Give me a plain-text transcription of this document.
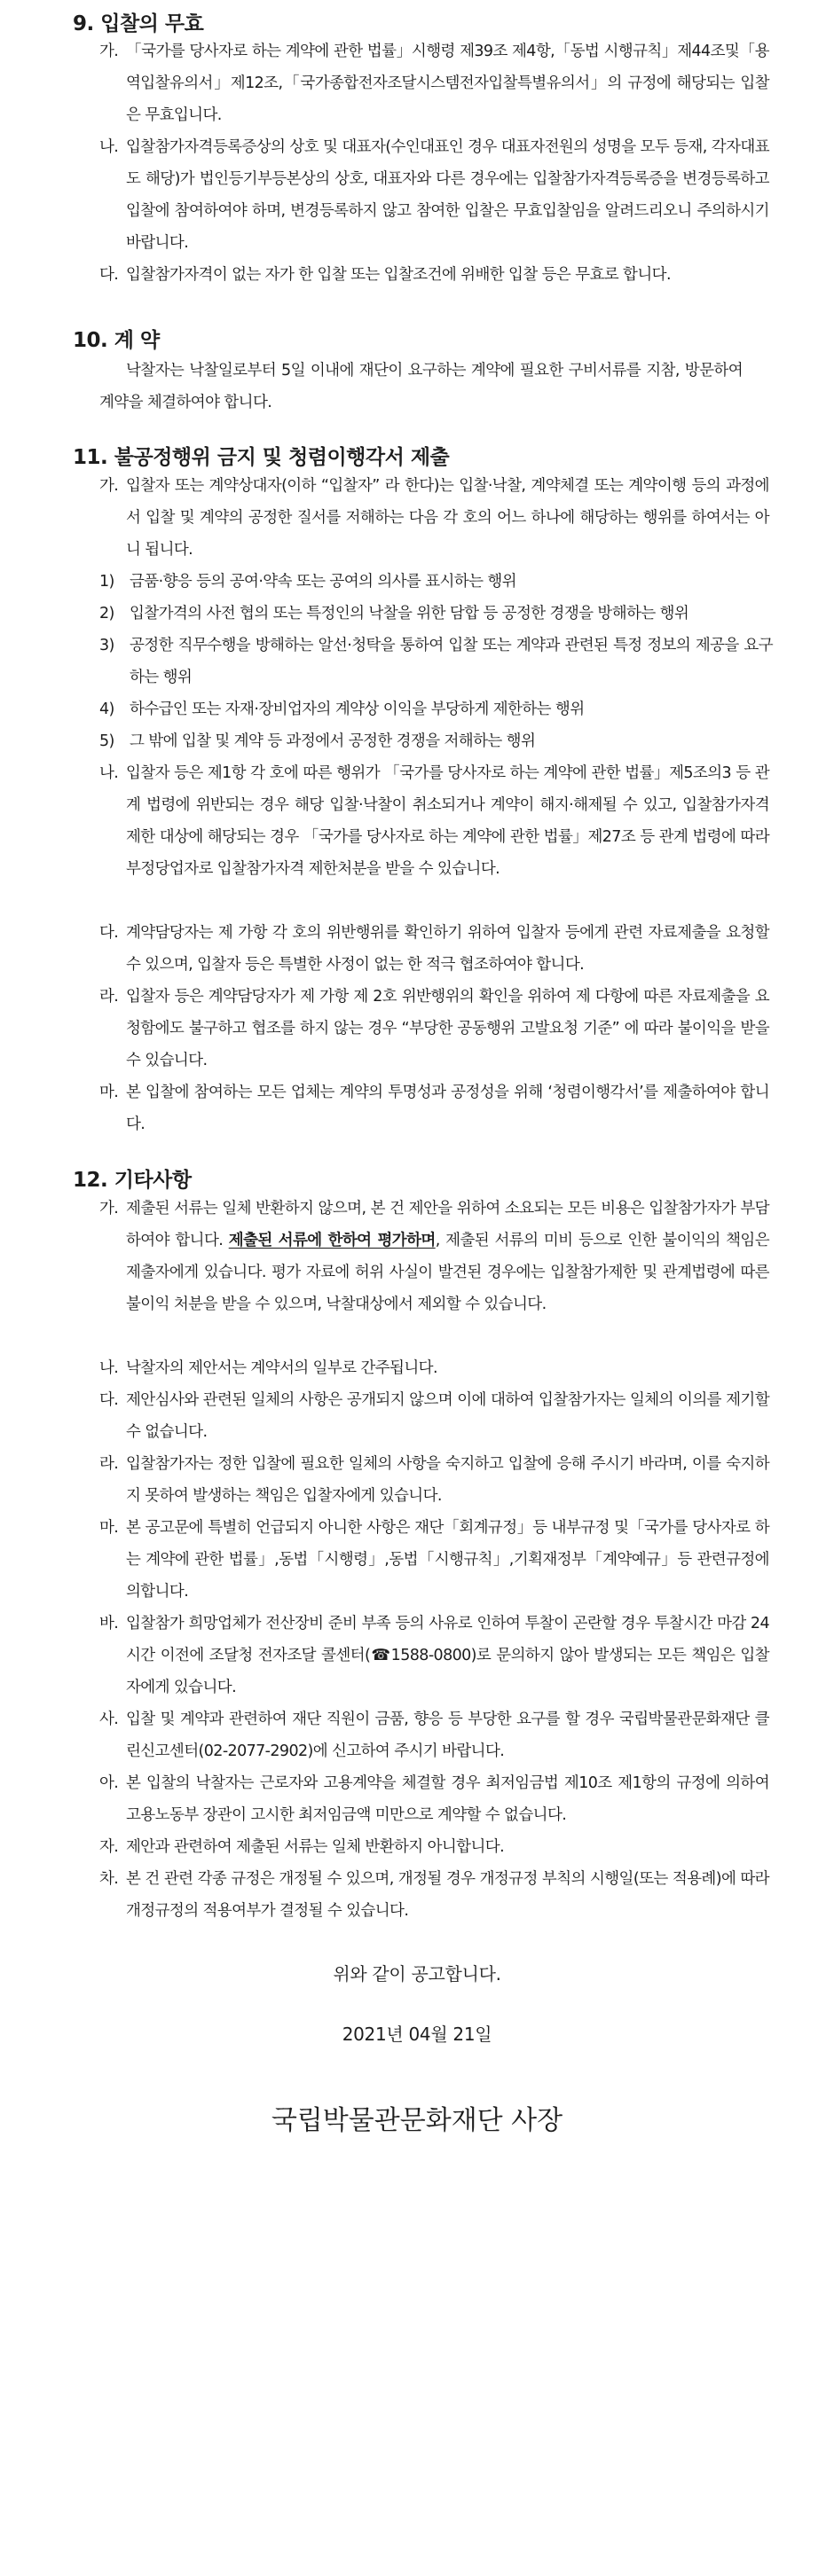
9. 입찰의 무효
가. 「국가를 당사자로 하는 계약에 관한 법률」시행령 제39조 제4항,「동법 시행규칙」제44조및「용역입찰유의서」제12조,「국가종합전자조달시스템전자입찰특별유의서」의 규정에 해당되는 입찰은 무효입니다.
나. 입찰참가자격등록증상의 상호 및 대표자(수인대표인 경우 대표자전원의 성명을 모두 등재, 각자대표도 해당)가 법인등기부등본상의 상호, 대표자와 다른 경우에는 입찰참가자격등록증을 변경등록하고 입찰에 참여하여야 하며, 변경등록하지 않고 참여한 입찰은 무효입찰임을 알려드리오니 주의하시기 바랍니다.
다. 입찰참가자격이 없는 자가 한 입찰 또는 입찰조건에 위배한 입찰 등은 무효로 합니다.
10. 계 약
낙찰자는 낙찰일로부터 5일 이내에 재단이 요구하는 계약에 필요한 구비서류를 지참, 방문하여 계약을 체결하여야 합니다.
11. 불공정행위 금지 및 청렴이행각서 제출
가. 입찰자 또는 계약상대자(이하 “입찰자” 라 한다)는 입찰·낙찰, 계약체결 또는 계약이행 등의 과정에서 입찰 및 계약의 공정한 질서를 저해하는 다음 각 호의 어느 하나에 해당하는 행위를 하여서는 아니 됩니다.
1) 금품·향응 등의 공여·약속 또는 공여의 의사를 표시하는 행위
2) 입찰가격의 사전 협의 또는 특정인의 낙찰을 위한 담합 등 공정한 경쟁을 방해하는 행위
3) 공정한 직무수행을 방해하는 알선·청탁을 통하여 입찰 또는 계약과 관련된 특정 정보의 제공을 요구하는 행위
4) 하수급인 또는 자재·장비업자의 계약상 이익을 부당하게 제한하는 행위
5) 그 밖에 입찰 및 계약 등 과정에서 공정한 경쟁을 저해하는 행위
나. 입찰자 등은 제1항 각 호에 따른 행위가 「국가를 당사자로 하는 계약에 관한 법률」제5조의3 등 관계 법령에 위반되는 경우 해당 입찰·낙찰이 취소되거나 계약이 해지·해제될 수 있고, 입찰참가자격 제한 대상에 해당되는 경우 「국가를 당사자로 하는 계약에 관한 법률」제27조 등 관계 법령에 따라 부정당업자로 입찰참가자격 제한처분을 받을 수 있습니다.
다. 계약담당자는 제 가항 각 호의 위반행위를 확인하기 위하여 입찰자 등에게 관련 자료제출을 요청할 수 있으며, 입찰자 등은 특별한 사정이 없는 한 적극 협조하여야 합니다.
라. 입찰자 등은 계약담당자가 제 가항 제 2호 위반행위의 확인을 위하여 제 다항에 따른 자료제출을 요청함에도 불구하고 협조를 하지 않는 경우 “부당한 공동행위 고발요청 기준” 에 따라 불이익을 받을 수 있습니다.
마. 본 입찰에 참여하는 모든 업체는 계약의 투명성과 공정성을 위해 ‘청렴이행각서’를 제출하여야 합니다.
12. 기타사항
가. 제출된 서류는 일체 반환하지 않으며, 본 건 제안을 위하여 소요되는 모든 비용은 입찰참가자가 부담하여야 합니다. 제출된 서류에 한하여 평가하며, 제출된 서류의 미비 등으로 인한 불이익의 책임은 제출자에게 있습니다. 평가 자료에 허위 사실이 발견된 경우에는 입찰참가제한 및 관계법령에 따른 불이익 처분을 받을 수 있으며, 낙찰대상에서 제외할 수 있습니다.
나. 낙찰자의 제안서는 계약서의 일부로 간주됩니다.
다. 제안심사와 관련된 일체의 사항은 공개되지 않으며 이에 대하여 입찰참가자는 일체의 이의를 제기할 수 없습니다.
라. 입찰참가자는 정한 입찰에 필요한 일체의 사항을 숙지하고 입찰에 응해 주시기 바라며, 이를 숙지하지 못하여 발생하는 책임은 입찰자에게 있습니다.
마. 본 공고문에 특별히 언급되지 아니한 사항은 재단「회계규정」등 내부규정 및「국가를 당사자로 하는 계약에 관한 법률」,동법「시행령」,동법「시행규칙」,기획재정부「계약예규」등 관련규정에 의합니다.
바. 입찰참가 희망업체가 전산장비 준비 부족 등의 사유로 인하여 투찰이 곤란할 경우 투찰시간 마감 24시간 이전에 조달청 전자조달 콜센터(☎1588-0800)로 문의하지 않아 발생되는 모든 책임은 입찰자에게 있습니다.
사. 입찰 및 계약과 관련하여 재단 직원이 금품, 향응 등 부당한 요구를 할 경우 국립박물관문화재단 클린신고센터(02-2077-2902)에 신고하여 주시기 바랍니다.
아. 본 입찰의 낙찰자는 근로자와 고용계약을 체결할 경우 최저임금법 제10조 제1항의 규정에 의하여 고용노동부 장관이 고시한 최저임금액 미만으로 계약할 수 없습니다.
자. 제안과 관련하여 제출된 서류는 일체 반환하지 아니합니다.
차. 본 건 관련 각종 규정은 개정될 수 있으며, 개정될 경우 개정규정 부칙의 시행일(또는 적용례)에 따라 개정규정의 적용여부가 결정될 수 있습니다.

위와 같이 공고합니다.

2021년 04월 21일

국립박물관문화재단 사장
